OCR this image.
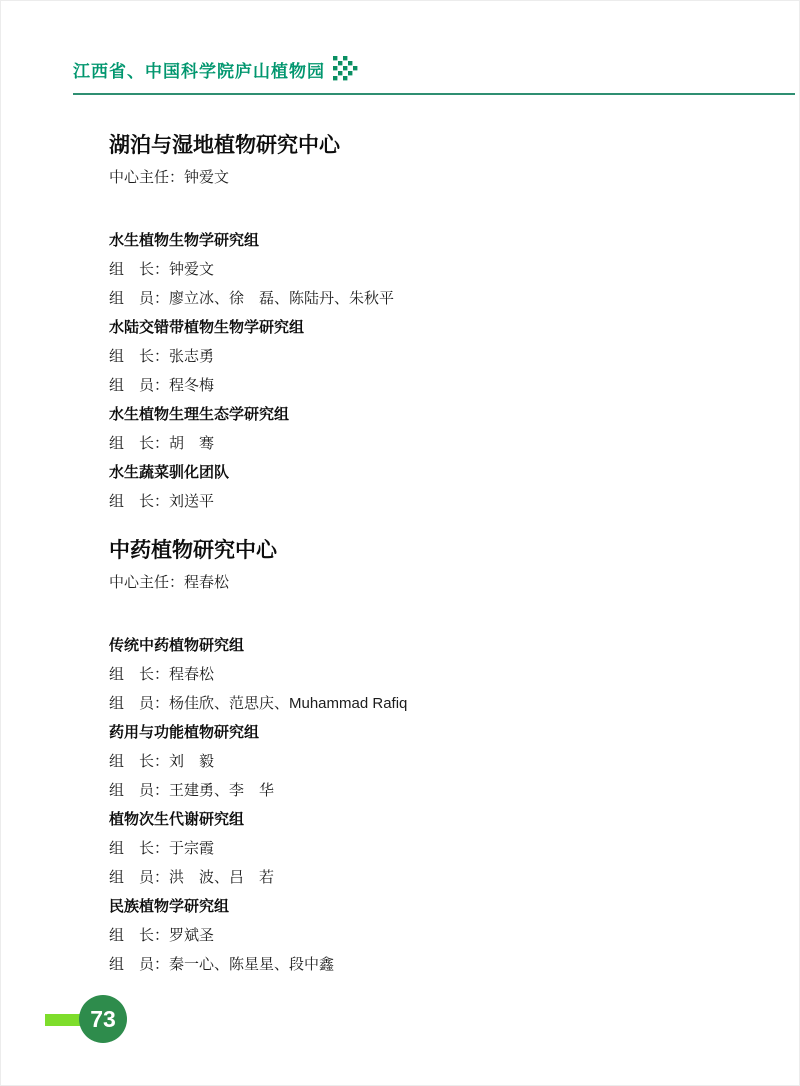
江西省、中国科学院庐山植物园
湖泊与湿地植物研究中心
中心主任：钟爱文
水生植物生物学研究组
组　长：钟爱文
组　员：廖立冰、徐　磊、陈陆丹、朱秋平
水陆交错带植物生物学研究组
组　长：张志勇
组　员：程冬梅
水生植物生理生态学研究组
组　长：胡　骞
水生蔬菜驯化团队
组　长：刘送平
中药植物研究中心
中心主任：程春松
传统中药植物研究组
组　长：程春松
组　员：杨佳欣、范思庆、Muhammad Rafiq
药用与功能植物研究组
组　长：刘　毅
组　员：王建勇、李　华
植物次生代谢研究组
组　长：于宗霞
组　员：洪　波、吕　若
民族植物学研究组
组　长：罗斌圣
组　员：秦一心、陈星星、段中鑫
73
